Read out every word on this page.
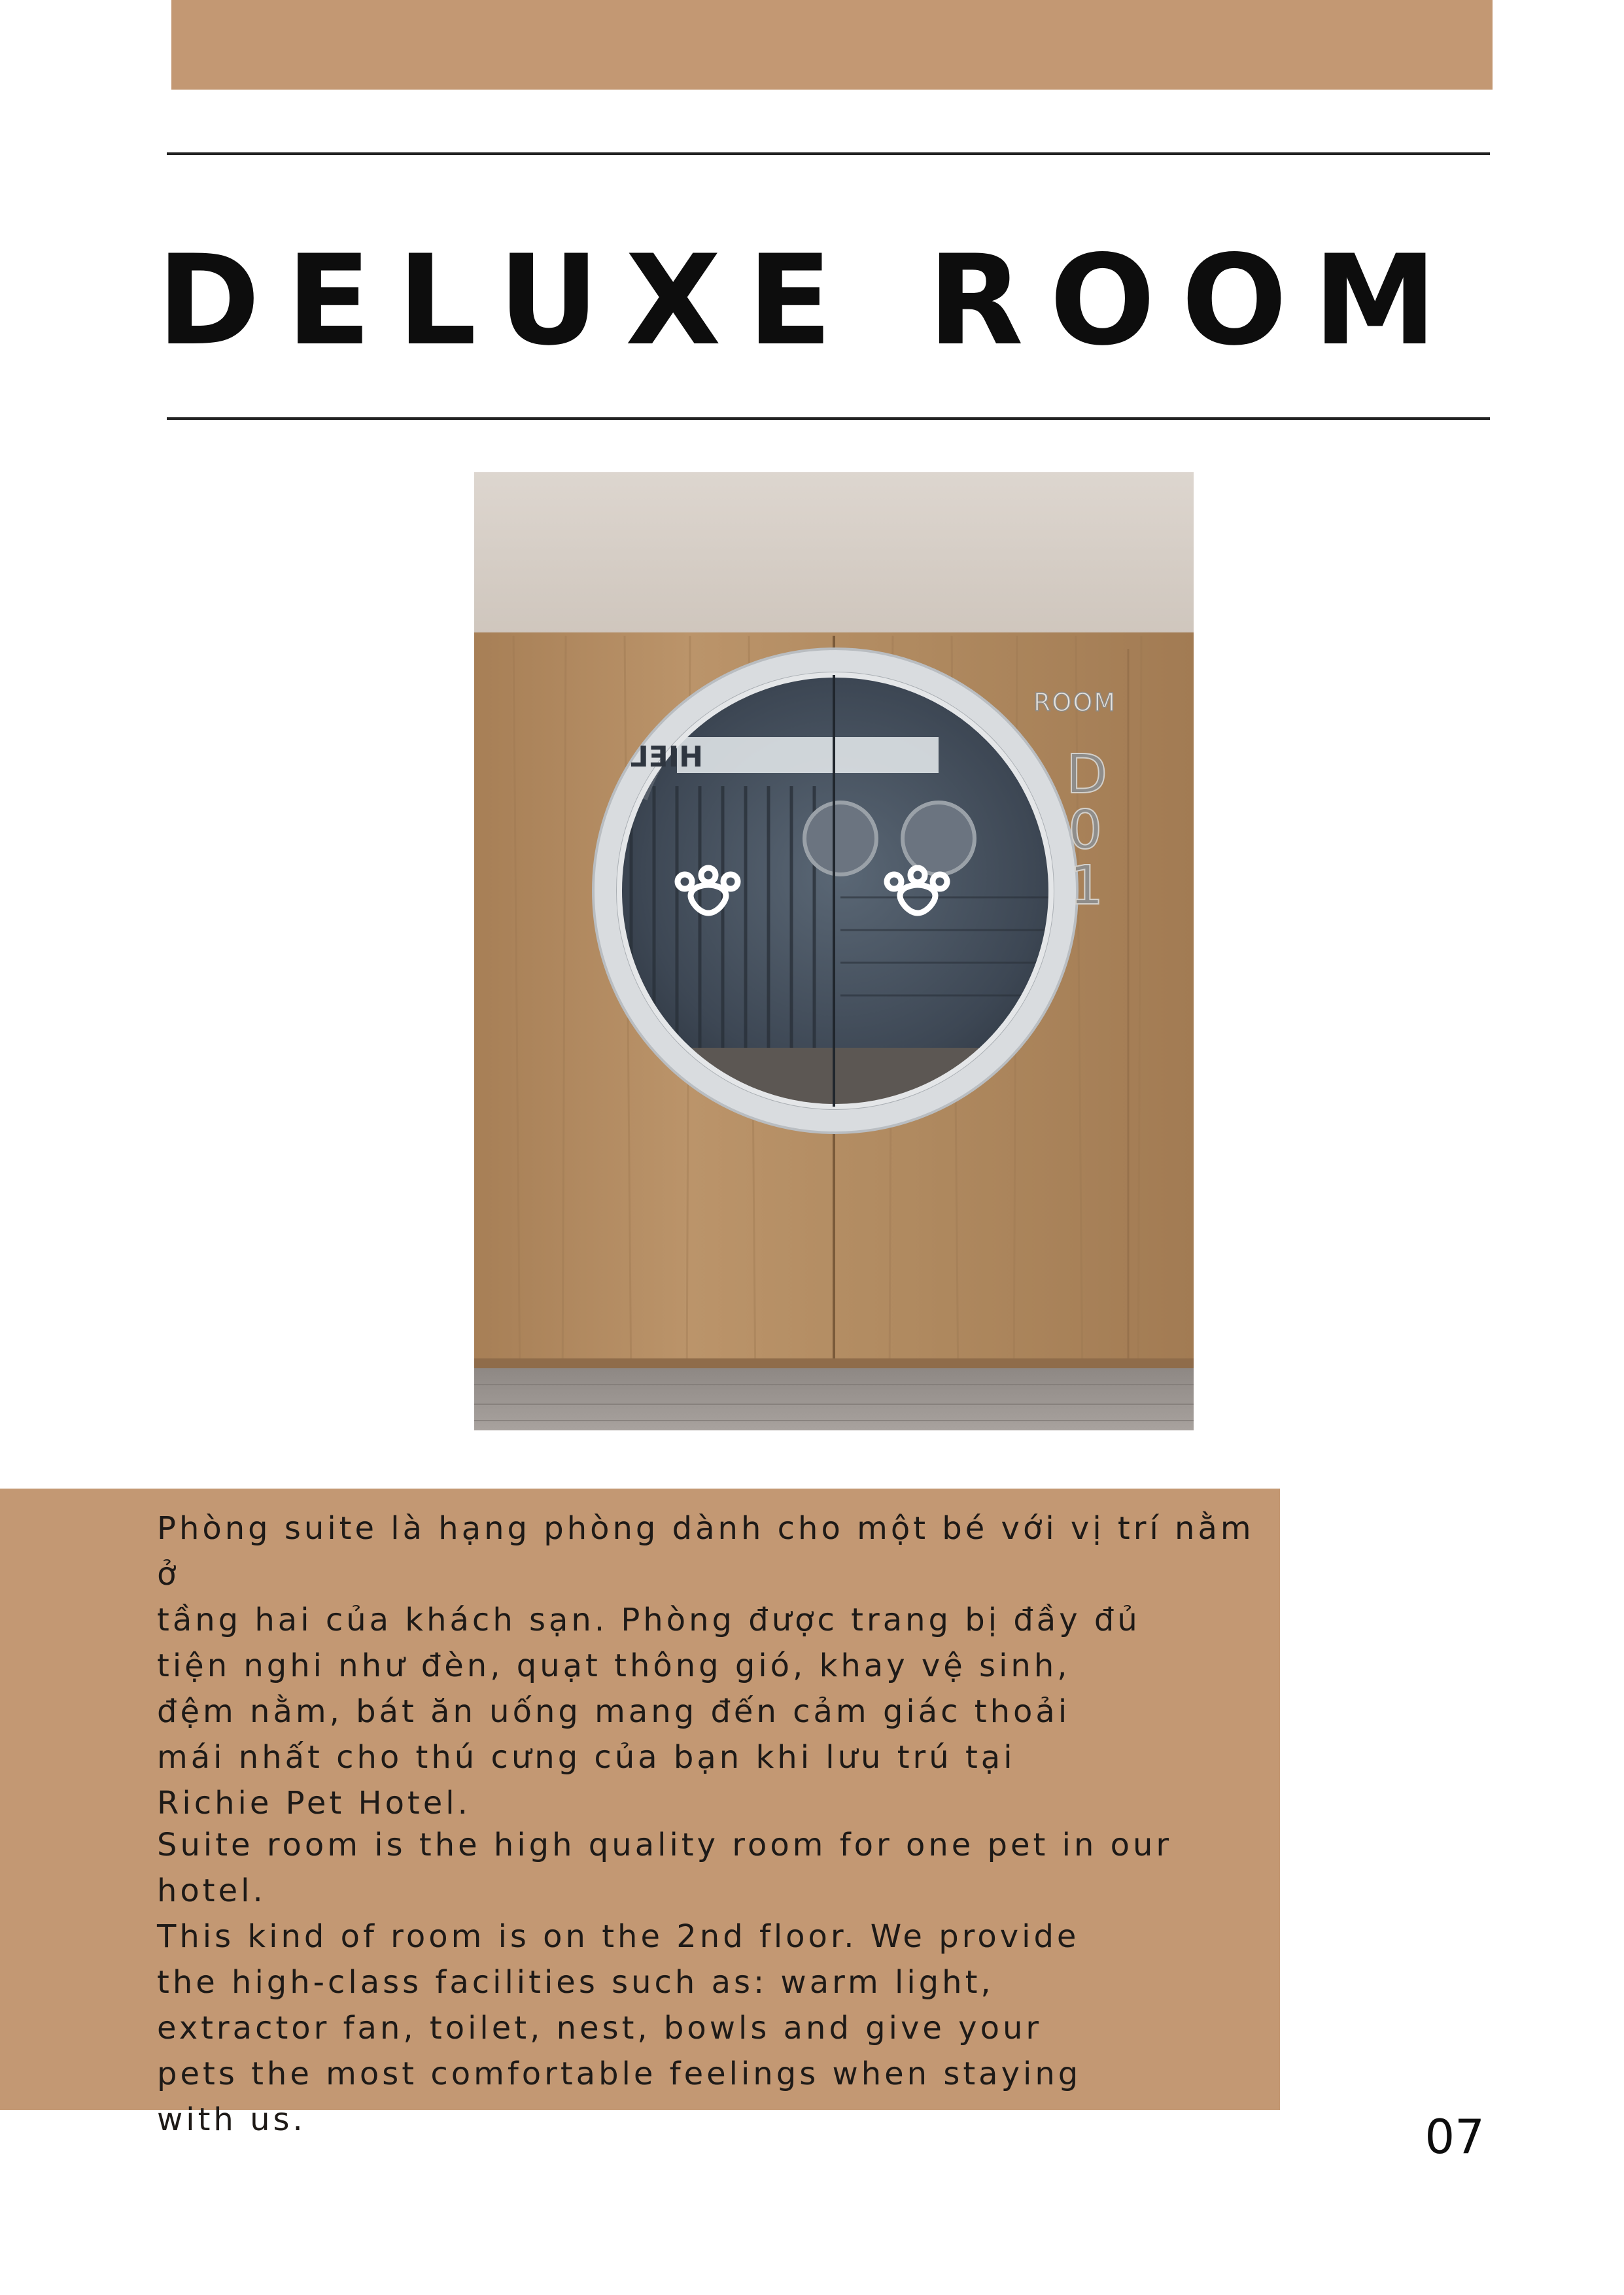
DELUXE ROOM
HIEL
ROOM
D
0
1

Phòng suite là hạng phòng dành cho một bé với vị trí nằm ở
tầng hai của khách sạn. Phòng được trang bị đầy đủ
tiện nghi như đèn, quạt thông gió, khay vệ sinh,
đệm nằm, bát ăn uống mang đến cảm giác thoải
mái nhất cho thú cưng của bạn khi lưu trú tại
Richie Pet Hotel.

Suite room is the high quality room for one pet in our hotel.
This kind of room is on the 2nd floor. We provide
the high-class facilities such as: warm light,
extractor fan, toilet, nest, bowls and give your
pets the most comfortable feelings when staying
with us.	07
